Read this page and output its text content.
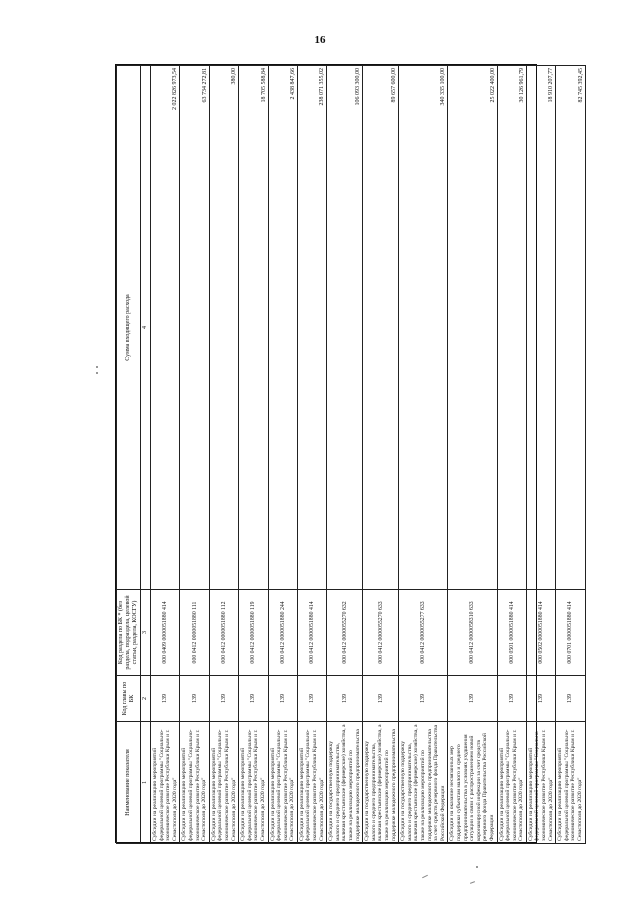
16
Наименование показателя	Код главы по БК	Код раздела по БК * (без раздела, подраздела, целевой статьи, раздела, КОСГУ)	Сумма входящего расхода
1	2	3	4
Субсидии на реализацию мероприятий федеральной целевой программы "Социально-экономическое развитие Республики Крым и г. Севастополя до 2020 года"	139	000 0409 0000051880 414	2 022 826 973,54
Субсидии на реализацию мероприятий федеральной целевой программы "Социально-экономическое развитие Республики Крым и г. Севастополя до 2020 года"	139	000 0412 0000051880 111	63 734 272,81
Субсидии на реализацию мероприятий федеральной целевой программы "Социально-экономическое развитие Республики Крым и г. Севастополя до 2020 года"	139	000 0412 0000051880 112	380,00
Субсидии на реализацию мероприятий федеральной целевой программы "Социально-экономическое развитие Республики Крым и г. Севастополя до 2020 года"	139	000 0412 0000051880 119	18 705 588,84
Субсидии на реализацию мероприятий федеральной целевой программы "Социально-экономическое развитие Республики Крым и г. Севастополя до 2020 года"	139	000 0412 0000051880 244	2 438 847,66
Субсидии на реализацию мероприятий федеральной целевой программы "Социально-экономическое развитие Республики Крым и г. Севастополя до 2020 года"	139	000 0412 0000051880 414	238 071 355,02
Субсидии на государственную поддержку малого и среднего предпринимательства, включая крестьянские (фермерские) хозяйства, а также на реализацию мероприятий по поддержке молодежного предпринимательства	139	000 0412 0000055270 632	106 093 300,00
Субсидии на государственную поддержку малого и среднего предпринимательства, включая крестьянские (фермерские) хозяйства, а также на реализацию мероприятий по поддержке молодежного предпринимательства	139	000 0412 0000055270 633	89 657 600,00
Субсидии на государственную поддержку малого и среднего предпринимательства, включая крестьянские (фермерские) хозяйства, а также на реализацию мероприятий по поддержке молодежного предпринимательства за счет средств резервного фонда Правительства Российской Федерации	139	000 0412 0000055277 633	340 335 100,00
Субсидии на оказание несвязанных мер поддержки субъектам малого и среднего предпринимательства в условиях ухудшения ситуации в связи с распространением новой коронавирусной инфекции за счет средств резервного фонда Правительства Российской Федерации	139	000 0412 0000058310 633	25 022 400,00
Субсидии на реализацию мероприятий федеральной целевой программы "Социально-экономическое развитие Республики Крым и г. Севастополя до 2020 года"	139	000 0501 0000051880 414	30 126 961,79
Субсидии на реализацию мероприятий федеральной целевой программы "Социально-экономическое развитие Республики Крым и г. Севастополя до 2020 года"	139	000 0502 0000051880 414	18 910 207,77
Субсидии на реализацию мероприятий федеральной целевой программы "Социально-экономическое развитие Республики Крым и г. Севастополя до 2020 года"	139	000 0701 0000051880 414	82 745 392,45
